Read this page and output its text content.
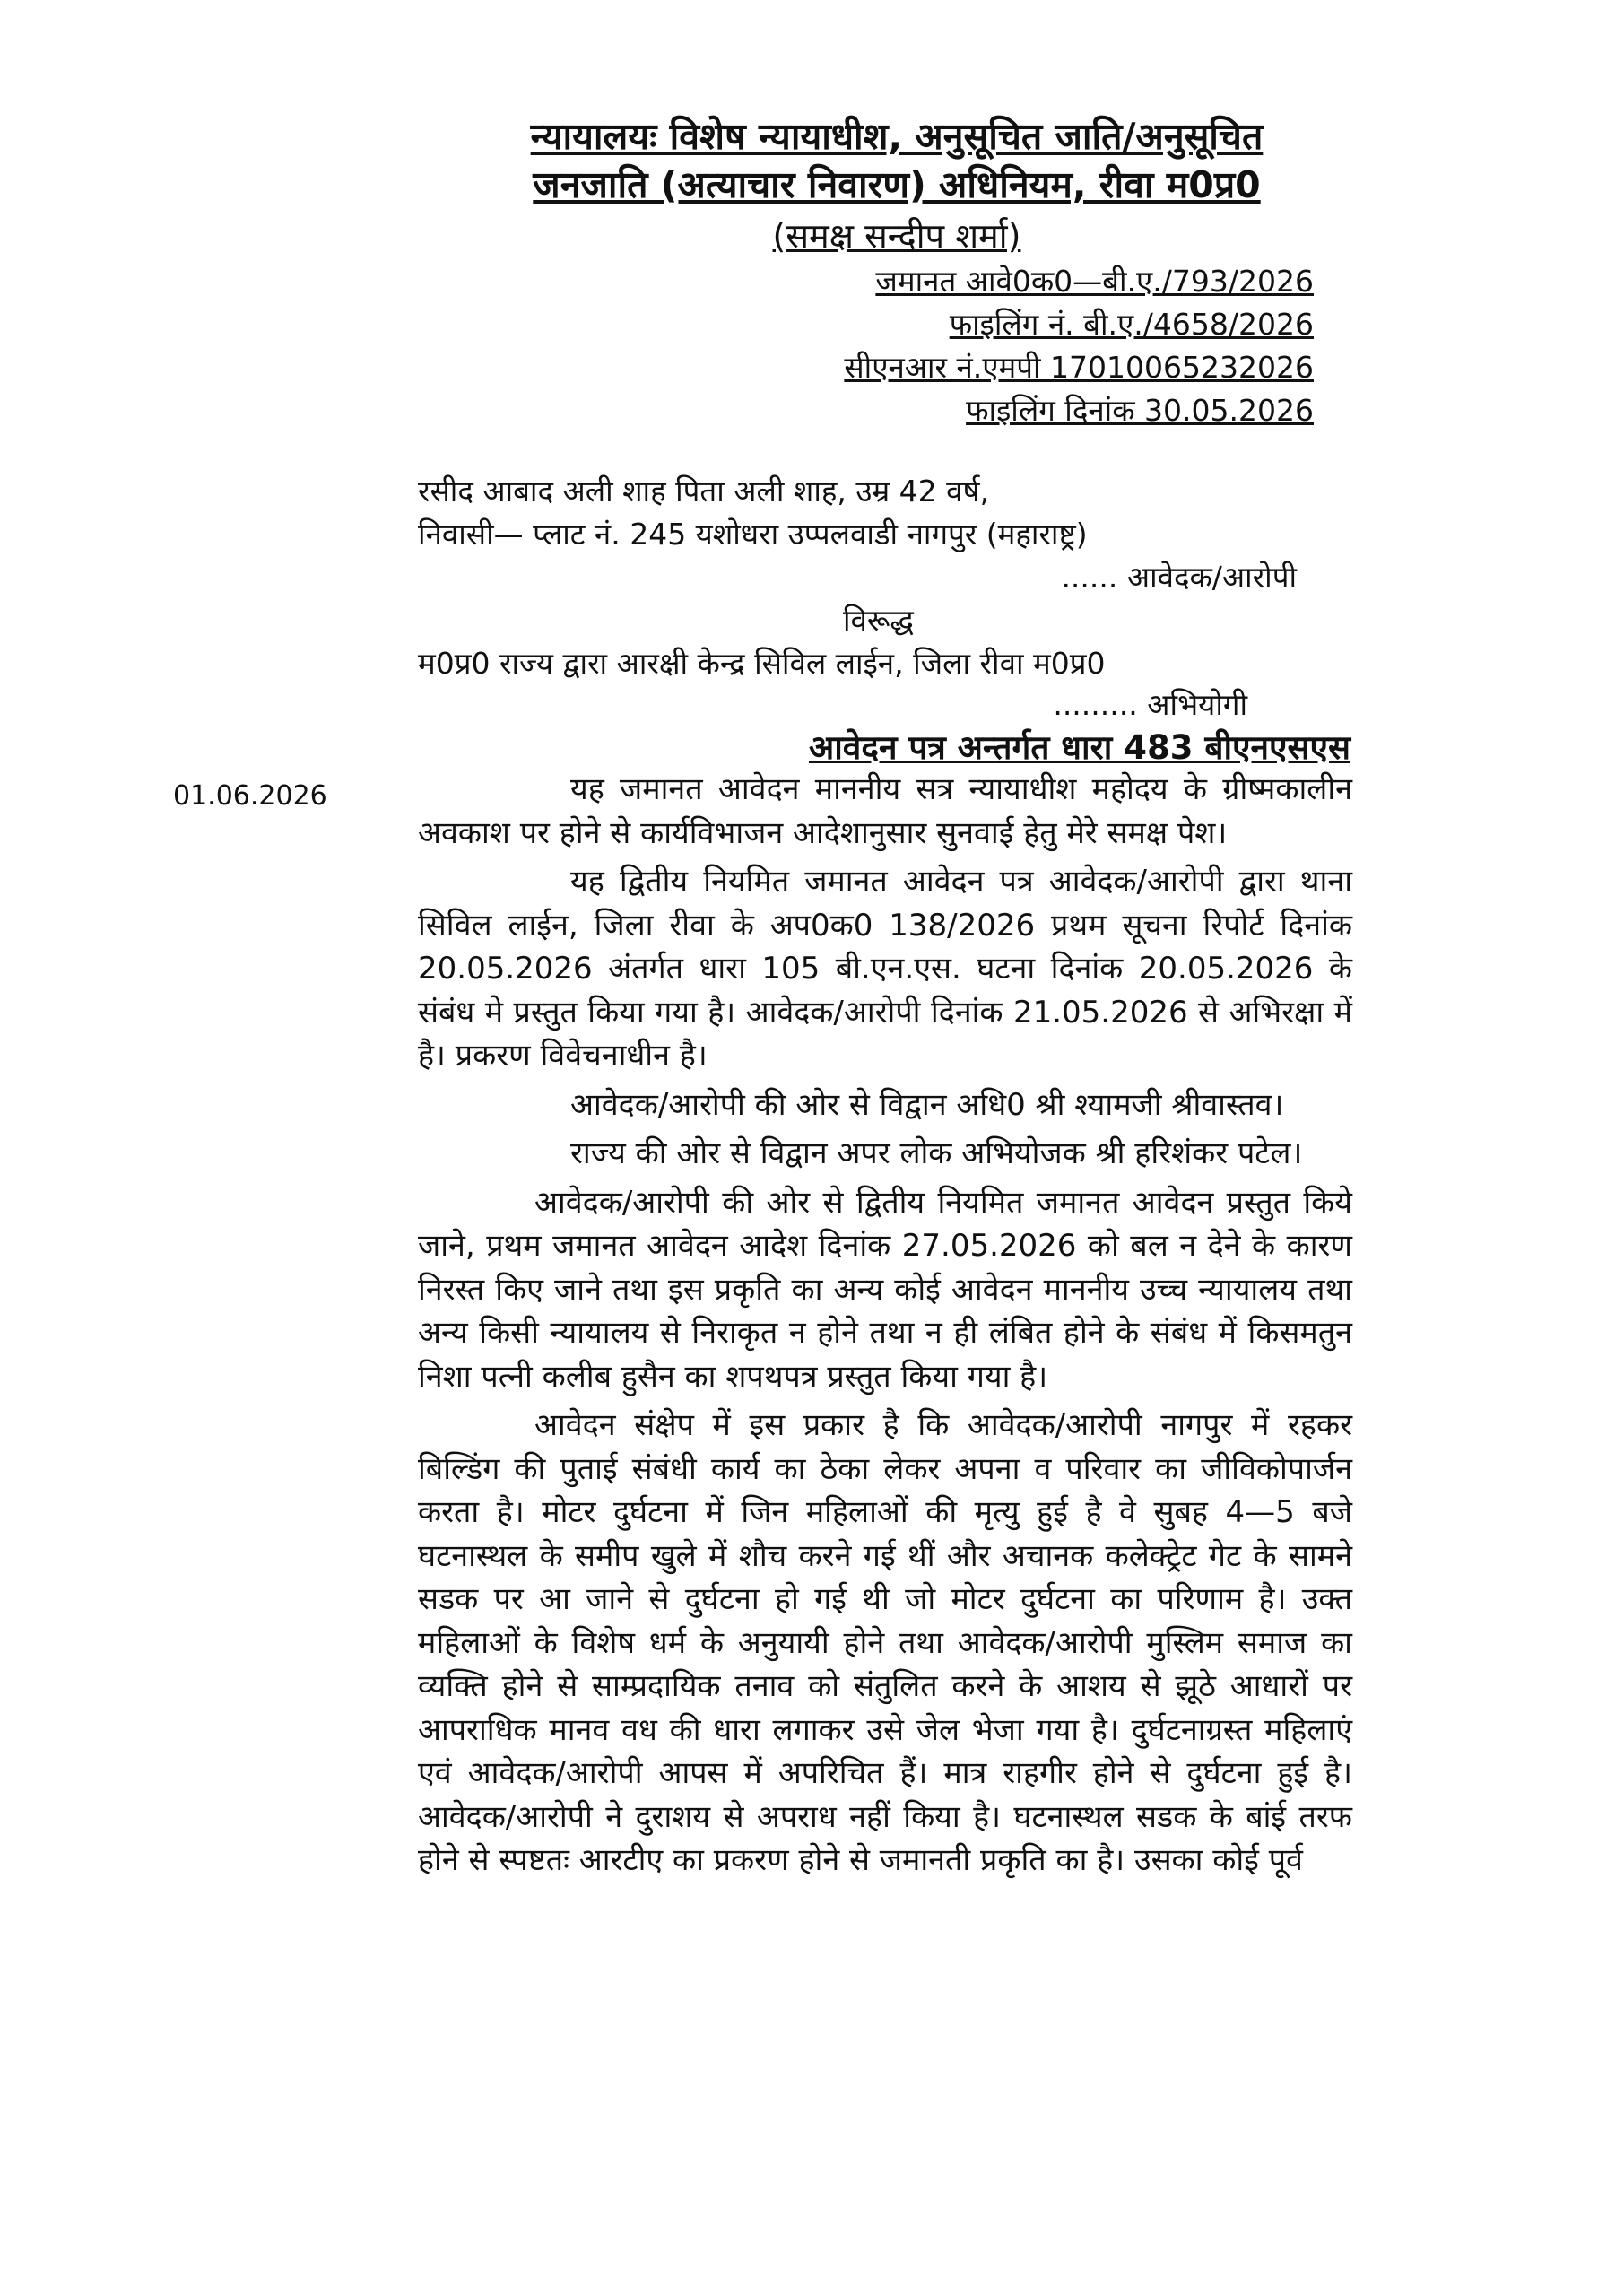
न्यायालयः विशेष न्यायाधीश, अनुसूचित जाति/अनुसूचित
जनजाति (अत्याचार निवारण) अधिनियम, रीवा म0प्र0
(समक्ष सन्दीप शर्मा)
जमानत आवे0क0—बी.ए./793/2026
फाइलिंग नं. बी.ए./4658/2026
सीएनआर नं.एमपी 17010065232026
फाइलिंग दिनांक 30.05.2026
रसीद आबाद अली शाह पिता अली शाह, उम्र 42 वर्ष,
निवासी— प्लाट नं. 245 यशोधरा उप्पलवाडी नागपुर (महाराष्ट्र)
...... आवेदक/आरोपी
विरूद्ध
म0प्र0 राज्य द्वारा आरक्षी केन्द्र सिविल लाईन, जिला रीवा म0प्र0
......... अभियोगी
आवेदन पत्र अन्तर्गत धारा 483 बीएनएसएस
01.06.2026	यह जमानत आवेदन माननीय सत्र न्यायाधीश महोदय के ग्रीष्मकालीन अवकाश पर होने से कार्यविभाजन आदेशानुसार सुनवाई हेतु मेरे समक्ष पेश।

यह द्वितीय नियमित जमानत आवेदन पत्र आवेदक/आरोपी द्वारा थाना सिविल लाईन, जिला रीवा के अप0क0 138/2026 प्रथम सूचना रिपोर्ट दिनांक 20.05.2026 अंतर्गत धारा 105 बी.एन.एस. घटना दिनांक 20.05.2026 के संबंध मे प्रस्तुत किया गया है। आवेदक/आरोपी दिनांक 21.05.2026 से अभिरक्षा में है। प्रकरण विवेचनाधीन है।

आवेदक/आरोपी की ओर से विद्वान अधि0 श्री श्यामजी श्रीवास्तव।

राज्य की ओर से विद्वान अपर लोक अभियोजक श्री हरिशंकर पटेल।

आवेदक/आरोपी की ओर से द्वितीय नियमित जमानत आवेदन प्रस्तुत किये जाने, प्रथम जमानत आवेदन आदेश दिनांक 27.05.2026 को बल न देने के कारण निरस्त किए जाने तथा इस प्रकृति का अन्य कोई आवेदन माननीय उच्च न्यायालय तथा अन्य किसी न्यायालय से निराकृत न होने तथा न ही लंबित होने के संबंध में किसमतुन निशा पत्नी कलीब हुसैन का शपथपत्र प्रस्तुत किया गया है।

आवेदन संक्षेप में इस प्रकार है कि आवेदक/आरोपी नागपुर में रहकर बिल्डिंग की पुताई संबंधी कार्य का ठेका लेकर अपना व परिवार का जीविकोपार्जन करता है। मोटर दुर्घटना में जिन महिलाओं की मृत्यु हुई है वे सुबह 4—5 बजे घटनास्थल के समीप खुले में शौच करने गई थीं और अचानक कलेक्ट्रेट गेट के सामने सडक पर आ जाने से दुर्घटना हो गई थी जो मोटर दुर्घटना का परिणाम है। उक्त महिलाओं के विशेष धर्म के अनुयायी होने तथा आवेदक/आरोपी मुस्लिम समाज का व्यक्ति होने से साम्प्रदायिक तनाव को संतुलित करने के आशय से झूठे आधारों पर आपराधिक मानव वध की धारा लगाकर उसे जेल भेजा गया है। दुर्घटनाग्रस्त महिलाएं एवं आवेदक/आरोपी आपस में अपरिचित हैं। मात्र राहगीर होने से दुर्घटना हुई है। आवेदक/आरोपी ने दुराशय से अपराध नहीं किया है। घटनास्थल सडक के बांई तरफ होने से स्पष्टतः आरटीए का प्रकरण होने से जमानती प्रकृति का है। उसका कोई पूर्व
